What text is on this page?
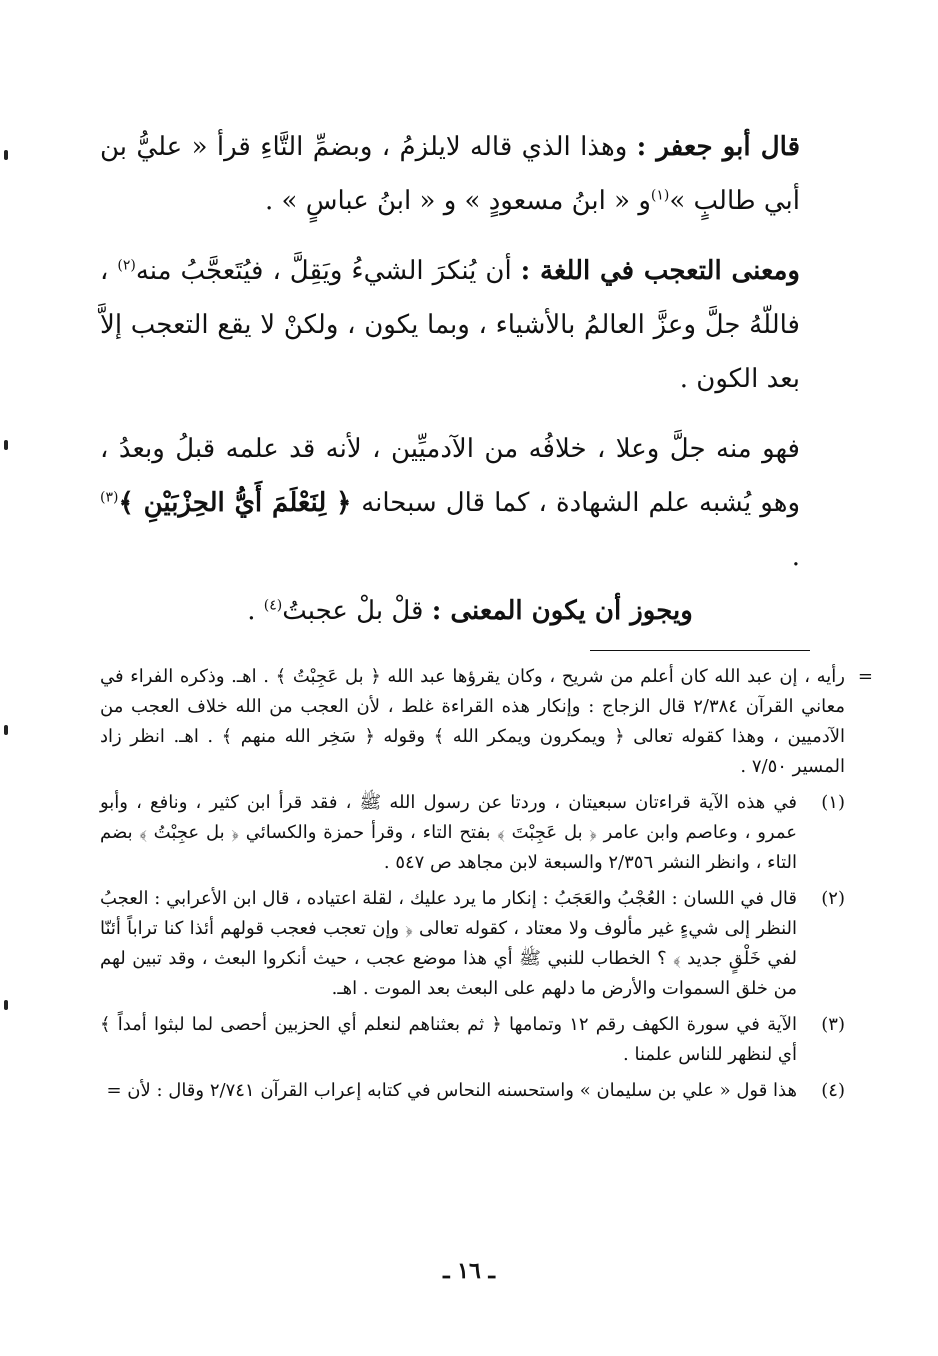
قال أبو جعفر : وهذا الذي قاله لايلزمُ ، وبضمِّ التَّاءِ قرأ « عليُّ بن أبي طالبٍ »$^{(١)}$و « ابنُ مسعودٍ » و « ابنُ عباسٍ » .

ومعنى التعجب في اللغة : أن يُنكرَ الشيءُ ويَقِلَّ ، فيُتَعجَّبُ منه$^{(٢)}$ ، فاللّهُ جلَّ وعزَّ العالمُ بالأشياء ، وبما يكون ، ولكنْ لا يقع التعجب إلاَّ بعد الكون .

فهو منه جلَّ وعلا ، خلافُه من الآدميِّين ، لأنه قد علمه قبلُ وبعدُ ، وهو يُشبه علم الشهادة ، كما قال سبحانه ﴿ لِنَعْلَمَ أَيُّ الحِزْبَيْنِ ﴾$^{(٣)}$ .

ويجوز أن يكون المعنى : قلْ بلْ عجبتُ$^{(٤)}$ .

=
رأيه ، إن عبد الله كان أعلم من شريح ، وكان يقرؤها عبد الله ﴿ بل عَجِبْتُ ﴾ . اهـ. وذكره الفراء في معاني القرآن ٢/٣٨٤ قال الزجاج : وإنكار هذه القراءة غلط ، لأن العجب من الله خلاف العجب من الآدميين ، وهذا كقوله تعالى ﴿ ويمكرون ويمكر الله ﴾ وقوله ﴿ سَخِر الله منهم ﴾ . اهـ. انظر زاد المسير ٧/٥٠ .

(١)
في هذه الآية قراءتان سبعيتان ، وردتا عن رسول الله ﷺ ، فقد قرأ ابن كثير ، ونافع ، وأبو عمرو ، وعاصم وابن عامر ﴿ بل عَجِبْتَ ﴾ بفتح التاء ، وقرأ حمزة والكسائي ﴿ بل عجِبْتُ ﴾ بضم التاء ، وانظر النشر ٢/٣٥٦ والسبعة لابن مجاهد ص ٥٤٧ .
(٢)
قال في اللسان : العُجْبُ والعَجَبُ : إنكار ما يرد عليك ، لقلة اعتياده ، قال ابن الأعرابي : العجبُ النظر إلى شيءٍ غير مألوف ولا معتاد ، كقوله تعالى ﴿ وإن تعجب فعجب قولهم أئذا كنا تراباً أئنّا لفي خَلْقٍ جديد ﴾ ؟ الخطاب للنبي ﷺ أي هذا موضع عجب ، حيث أنكروا البعث ، وقد تبين لهم من خلق السموات والأرض ما دلهم على البعث بعد الموت . اهـ.
(٣)
الآية في سورة الكهف رقم ١٢ وتمامها ﴿ ثم بعثناهم لنعلم أي الحزبين أحصى لما لبثوا أمداً ﴾ أي لنظهر للناس علمنا .
(٤)
هذا قول « علي بن سليمان » واستحسنه النحاس في كتابه إعراب القرآن ٢/٧٤١ وقال : لأن =
ـ ١٦ ـ
